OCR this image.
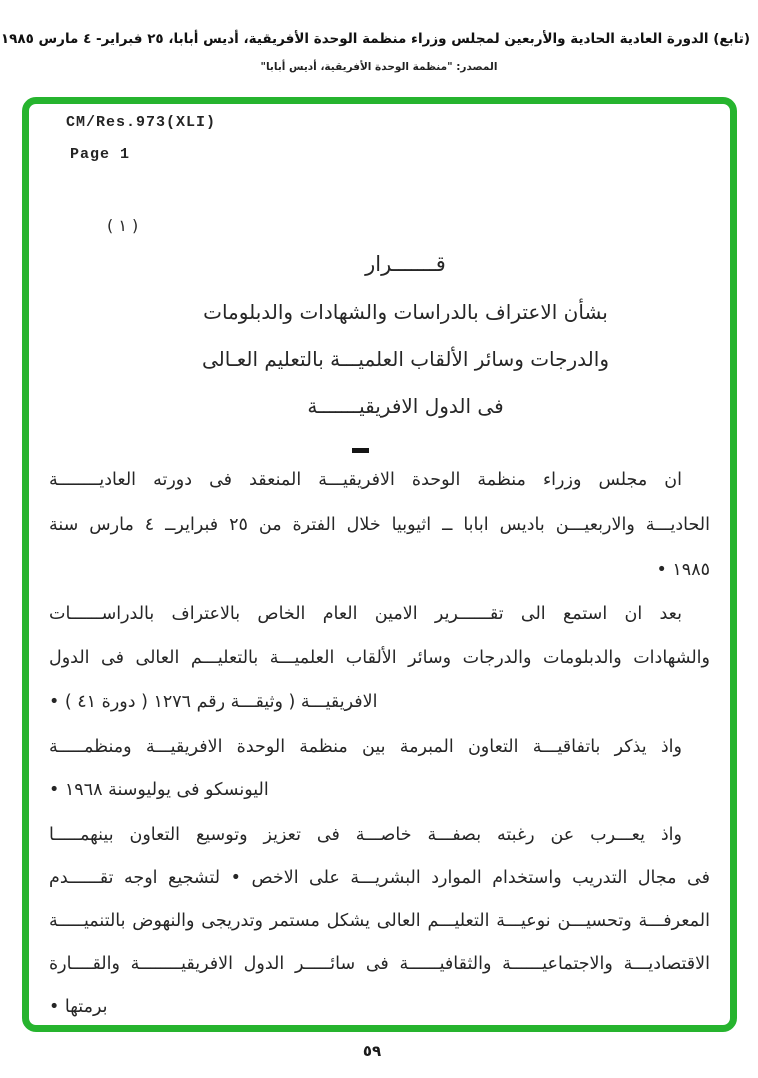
(تابع) الدورة العادية الحادية والأربعين لمجلس وزراء منظمة الوحدة الأفريقية، أديس أبابا، ٢٥ فبراير- ٤ مارس ١٩٨٥
المصدر: "منظمة الوحدة الأفريقية، أديس أبابا"
CM/Res.973(XLI)
Page 1
( ١ )
قـــــــرار
بشأن الاعتراف بالدراسات والشهادات والدبلومات
والدرجات وسائر الألقاب العلميـــة بالتعليم العـالى
فى الدول الافريقيـــــــة
ان مجلس وزراء منظمة الوحدة الافريقيـــة المنعقد فى دورته العاديــــــــة
الحاديـــة والاربعيـــن باديس ابابا ــ اثيوبيا خلال الفترة من ٢٥ فبرايرــ ٤ مارس سنة
١٩٨٥ •
بعد ان استمع الى تقــــــرير الامين العام الخاص بالاعتراف بالدراســــــات
والشهادات والدبلومات والدرجات وسائر الألقاب العلميـــة بالتعليـــم العالى فى الدول
الافريقيـــة ( وثيقـــة رقم ١٢٧٦ ( دورة ٤١ ) •
واذ يذكر باتفاقيـــة التعاون المبرمة بين منظمة الوحدة الافريقيـــة ومنظمـــــة
اليونسكو فى يوليوسنة ١٩٦٨ •
واذ يعـــرب عن رغبته بصفـــة خاصـــة فى تعزيز وتوسيع التعاون بينهمـــــا
فى مجال التدريب واستخدام الموارد البشريـــة على الاخص • لتشجيع اوجه تقــــــدم
المعرفـــة وتحسيـــن نوعيـــة التعليـــم العالى يشكل مستمر وتدريجى والنهوض بالتنميـــــة
الاقتصاديـــة والاجتماعيــــــة والثقافيــــــة فى سائـــــر الدول الافريقيــــــــة والقــــارة
برمتها •
٥٩
